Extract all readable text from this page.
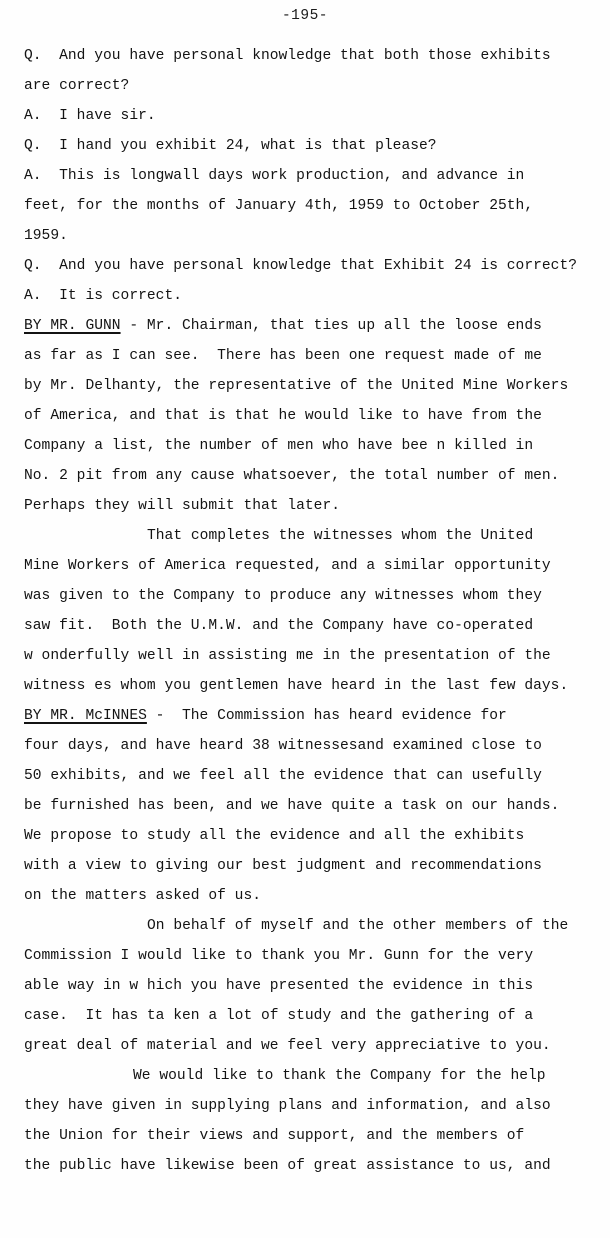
-195-
Q.  And you have personal knowledge that both those exhibits
are correct?
A.  I have sir.
Q.  I hand you exhibit 24, what is that please?
A.  This is longwall days work production, and advance in
feet, for the months of January 4th, 1959 to October 25th,
1959.
Q.  And you have personal knowledge that Exhibit 24 is correct?
A.  It is correct.
BY MR. GUNN - Mr. Chairman, that ties up all the loose ends
as far as I can see.  There has been one request made of me
by Mr. Delhanty, the representative of the United Mine Workers
of America, and that is that he would like to have from the
Company a list, the number of men who have bee n killed in
No. 2 pit from any cause whatsoever, the total number of men.
Perhaps they will submit that later.
That completes the witnesses whom the United
Mine Workers of America requested, and a similar opportunity
was given to the Company to produce any witnesses whom they
saw fit.  Both the U.M.W. and the Company have co-operated
w onderfully well in assisting me in the presentation of the
witness es whom you gentlemen have heard in the last few days.
BY MR. McINNES -  The Commission has heard evidence for
four days, and have heard 38 witnessesand examined close to
50 exhibits, and we feel all the evidence that can usefully
be furnished has been, and we have quite a task on our hands.
We propose to study all the evidence and all the exhibits
with a view to giving our best judgment and recommendations
on the matters asked of us.
On behalf of myself and the other members of the
Commission I would like to thank you Mr. Gunn for the very
able way in w hich you have presented the evidence in this
case.  It has ta ken a lot of study and the gathering of a
great deal of material and we feel very appreciative to you.
We would like to thank the Company for the help
they have given in supplying plans and information, and also
the Union for their views and support, and the members of
the public have likewise been of great assistance to us, and
